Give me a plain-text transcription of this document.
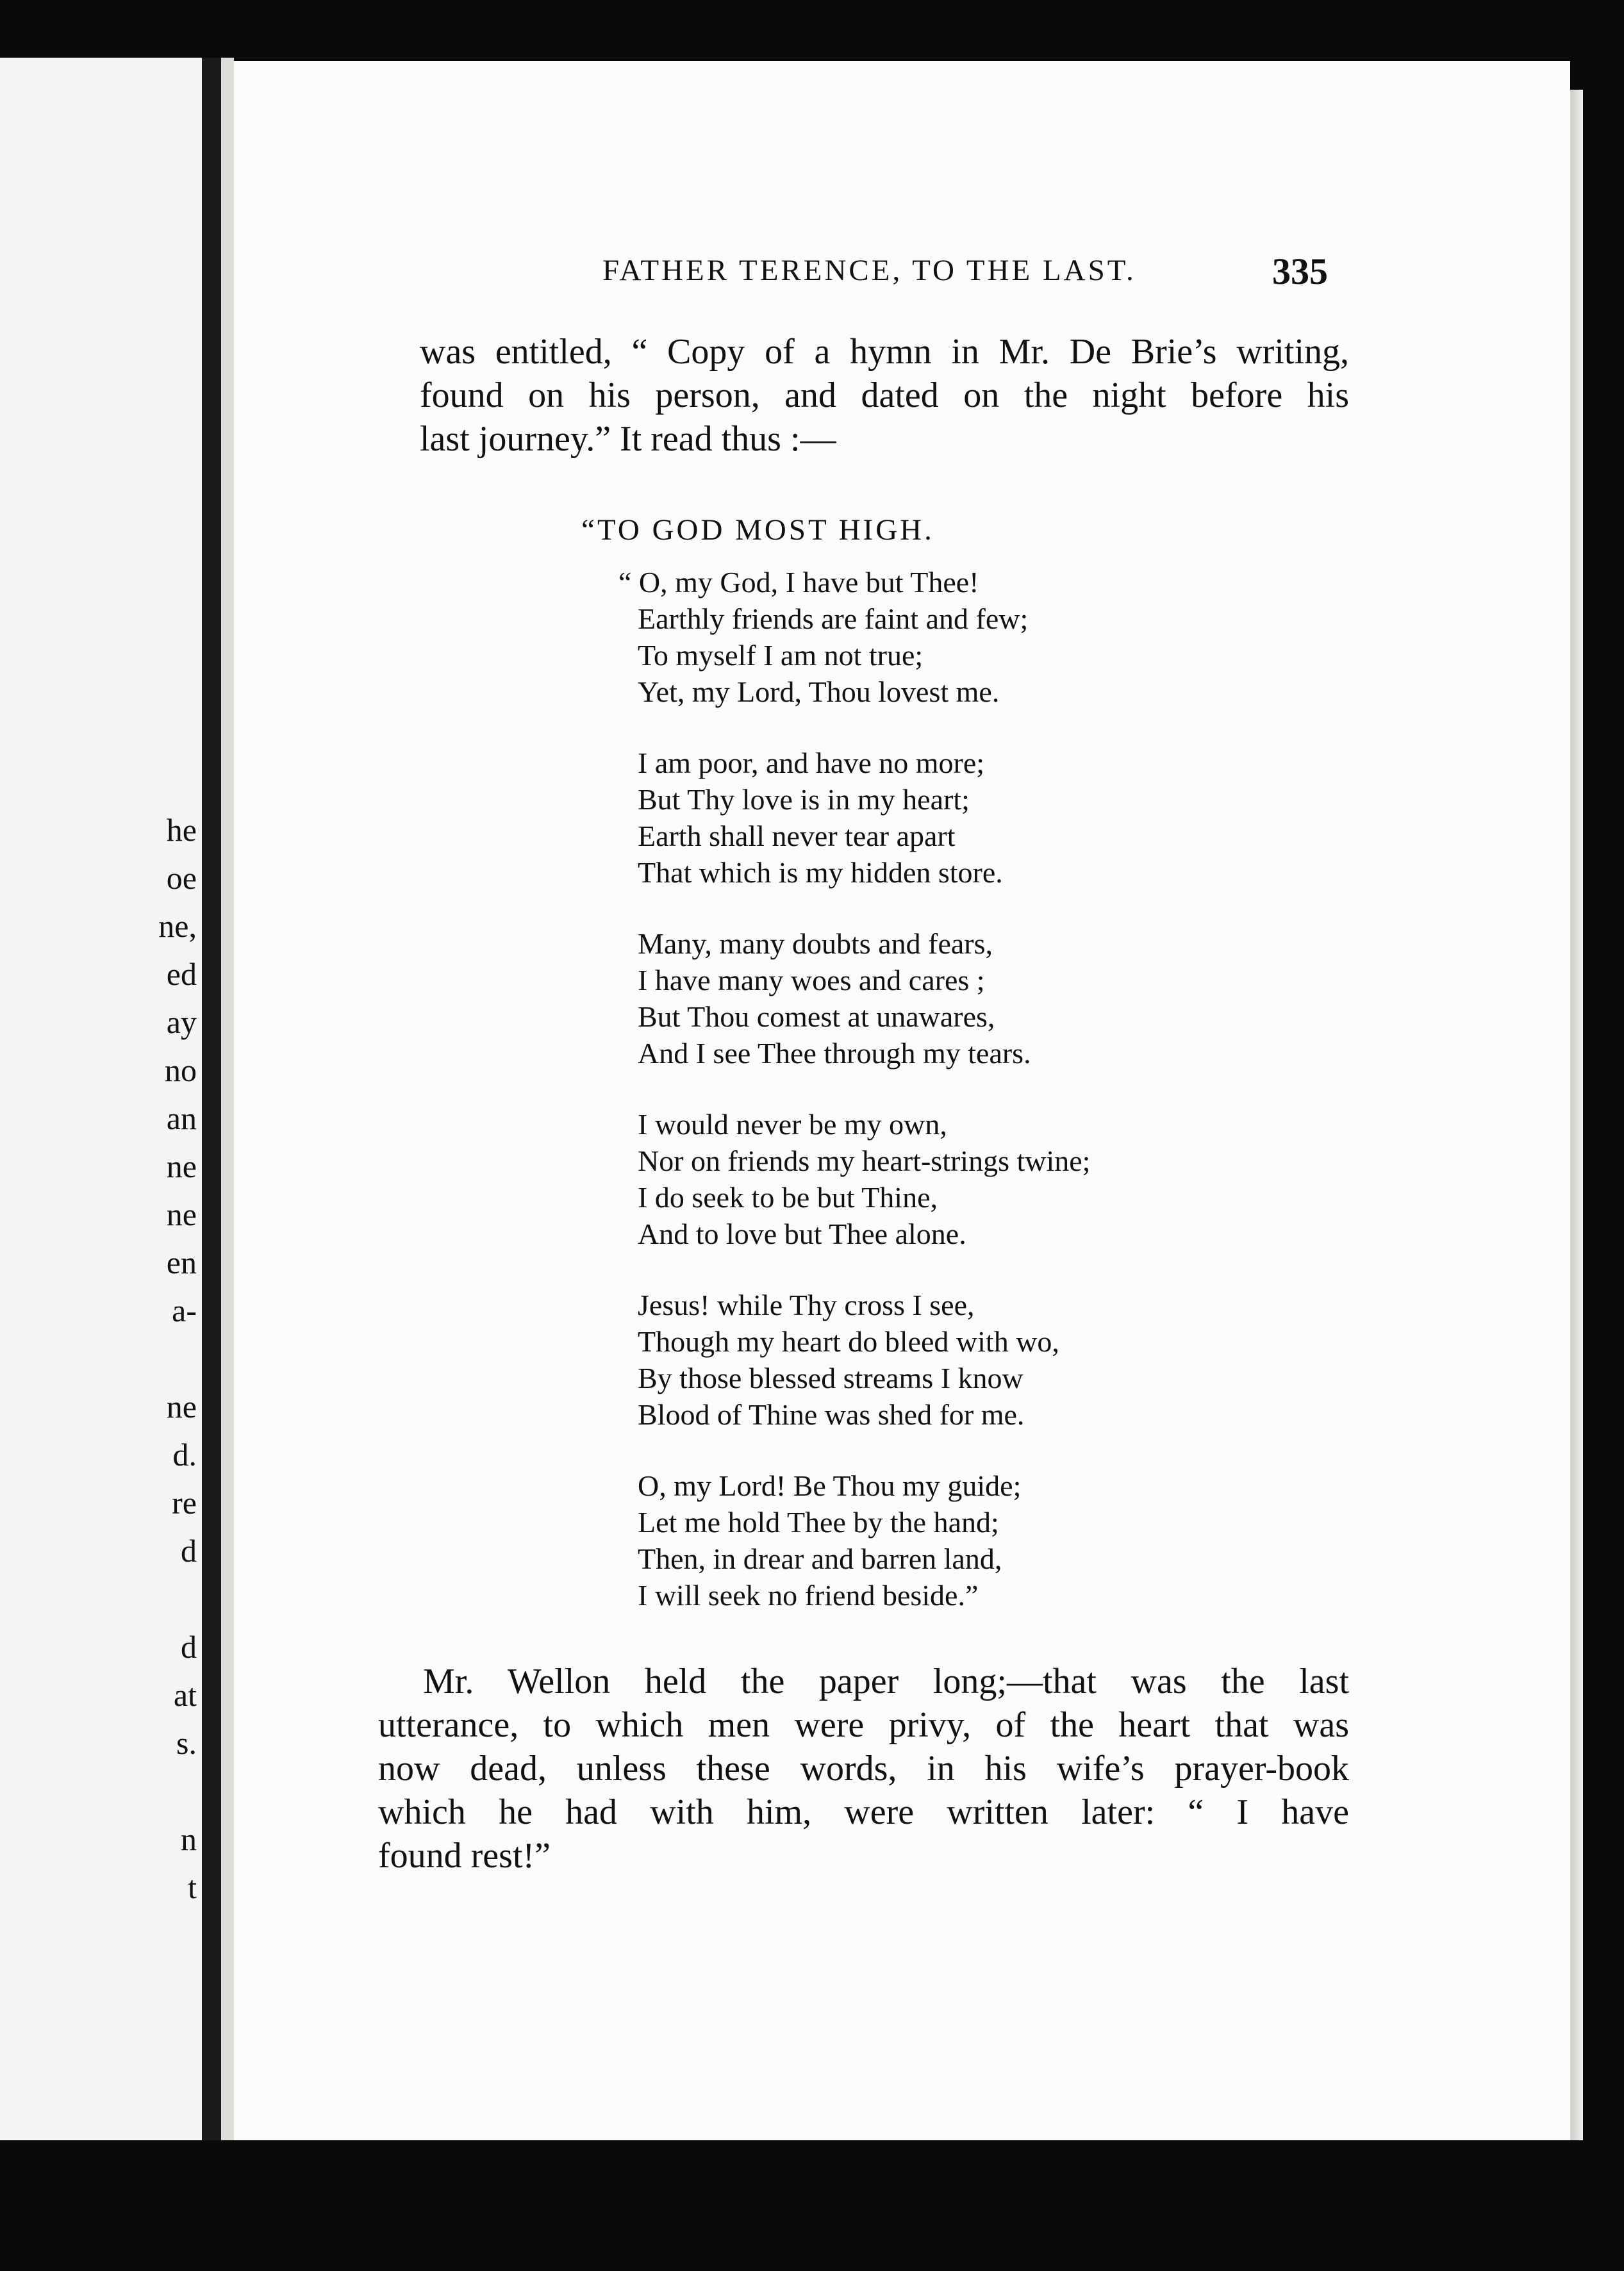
he
oe
ne,
ed
ay
no
an
ne
ne
en
a-
ne
d.
re
d
d
at
s.
n
t
FATHER TERENCE, TO THE LAST.	335
was entitled, “ Copy of a hymn in Mr. De Brie’s writing,
found on his person, and dated on the night before his
last journey.” It read thus :—
“TO GOD MOST HIGH.
“ O, my God, I have but Thee!
Earthly friends are faint and few;
To myself I am not true;
Yet, my Lord, Thou lovest me.
I am poor, and have no more;
But Thy love is in my heart;
Earth shall never tear apart
That which is my hidden store.
Many, many doubts and fears,
I have many woes and cares ;
But Thou comest at unawares,
And I see Thee through my tears.
I would never be my own,
Nor on friends my heart-strings twine;
I do seek to be but Thine,
And to love but Thee alone.
Jesus! while Thy cross I see,
Though my heart do bleed with wo,
By those blessed streams I know
Blood of Thine was shed for me.
O, my Lord! Be Thou my guide;
Let me hold Thee by the hand;
Then, in drear and barren land,
I will seek no friend beside.”
Mr. Wellon held the paper long;—that was the last
utterance, to which men were privy, of the heart that was
now dead, unless these words, in his wife’s prayer-book
which he had with him, were written later: “ I have
found rest!”
